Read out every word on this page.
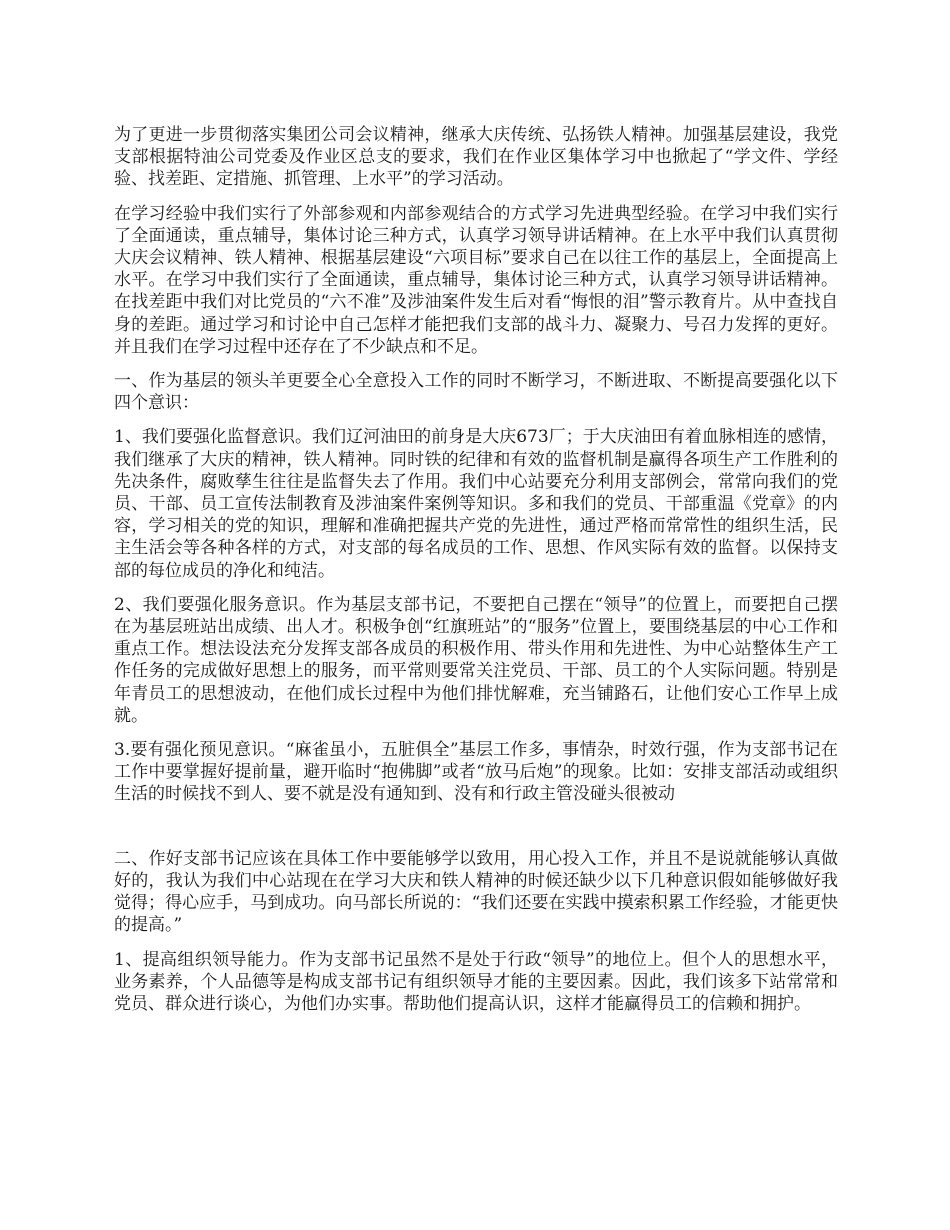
为了更进一步贯彻落实集团公司会议精神，继承大庆传统、弘扬铁人精神。加强基层建设，我党支部根据特油公司党委及作业区总支的要求，我们在作业区集体学习中也掀起了“学文件、学经验、找差距、定措施、抓管理、上水平”的学习活动。

在学习经验中我们实行了外部参观和内部参观结合的方式学习先进典型经验。在学习中我们实行了全面通读，重点辅导，集体讨论三种方式，认真学习领导讲话精神。在上水平中我们认真贯彻大庆会议精神、铁人精神、根据基层建设“六项目标”要求自己在以往工作的基层上，全面提高上水平。在学习中我们实行了全面通读，重点辅导，集体讨论三种方式，认真学习领导讲话精神。在找差距中我们对比党员的“六不准”及涉油案件发生后对看“悔恨的泪”警示教育片。从中查找自身的差距。通过学习和讨论中自己怎样才能把我们支部的战斗力、凝聚力、号召力发挥的更好。并且我们在学习过程中还存在了不少缺点和不足。

一、作为基层的领头羊更要全心全意投入工作的同时不断学习，不断进取、不断提高要强化以下四个意识：

1、我们要强化监督意识。我们辽河油田的前身是大庆673厂；于大庆油田有着血脉相连的感情，我们继承了大庆的精神，铁人精神。同时铁的纪律和有效的监督机制是赢得各项生产工作胜利的先决条件，腐败孳生往往是监督失去了作用。我们中心站要充分利用支部例会，常常向我们的党员、干部、员工宣传法制教育及涉油案件案例等知识。多和我们的党员、干部重温《党章》的内容，学习相关的党的知识，理解和准确把握共产党的先进性，通过严格而常常性的组织生活，民主生活会等各种各样的方式，对支部的每名成员的工作、思想、作风实际有效的监督。以保持支部的每位成员的净化和纯洁。

2、我们要强化服务意识。作为基层支部书记，不要把自己摆在“领导”的位置上，而要把自己摆在为基层班站出成绩、出人才。积极争创“红旗班站”的“服务”位置上，要围绕基层的中心工作和重点工作。想法设法充分发挥支部各成员的积极作用、带头作用和先进性、为中心站整体生产工作任务的完成做好思想上的服务，而平常则要常关注党员、干部、员工的个人实际问题。特别是年青员工的思想波动，在他们成长过程中为他们排忧解难，充当铺路石，让他们安心工作早上成就。

3.要有强化预见意识。“麻雀虽小，五脏俱全”基层工作多，事情杂，时效行强，作为支部书记在工作中要掌握好提前量，避开临时“抱佛脚”或者“放马后炮”的现象。比如：安排支部活动或组织生活的时候找不到人、要不就是没有通知到、没有和行政主管没碰头很被动

二、作好支部书记应该在具体工作中要能够学以致用，用心投入工作，并且不是说就能够认真做好的，我认为我们中心站现在在学习大庆和铁人精神的时候还缺少以下几种意识假如能够做好我觉得；得心应手，马到成功。向马部长所说的：“我们还要在实践中摸索积累工作经验，才能更快的提高。”

1、提高组织领导能力。作为支部书记虽然不是处于行政“领导”的地位上。但个人的思想水平，业务素养，个人品德等是构成支部书记有组织领导才能的主要因素。因此，我们该多下站常常和党员、群众进行谈心，为他们办实事。帮助他们提高认识，这样才能赢得员工的信赖和拥护。
